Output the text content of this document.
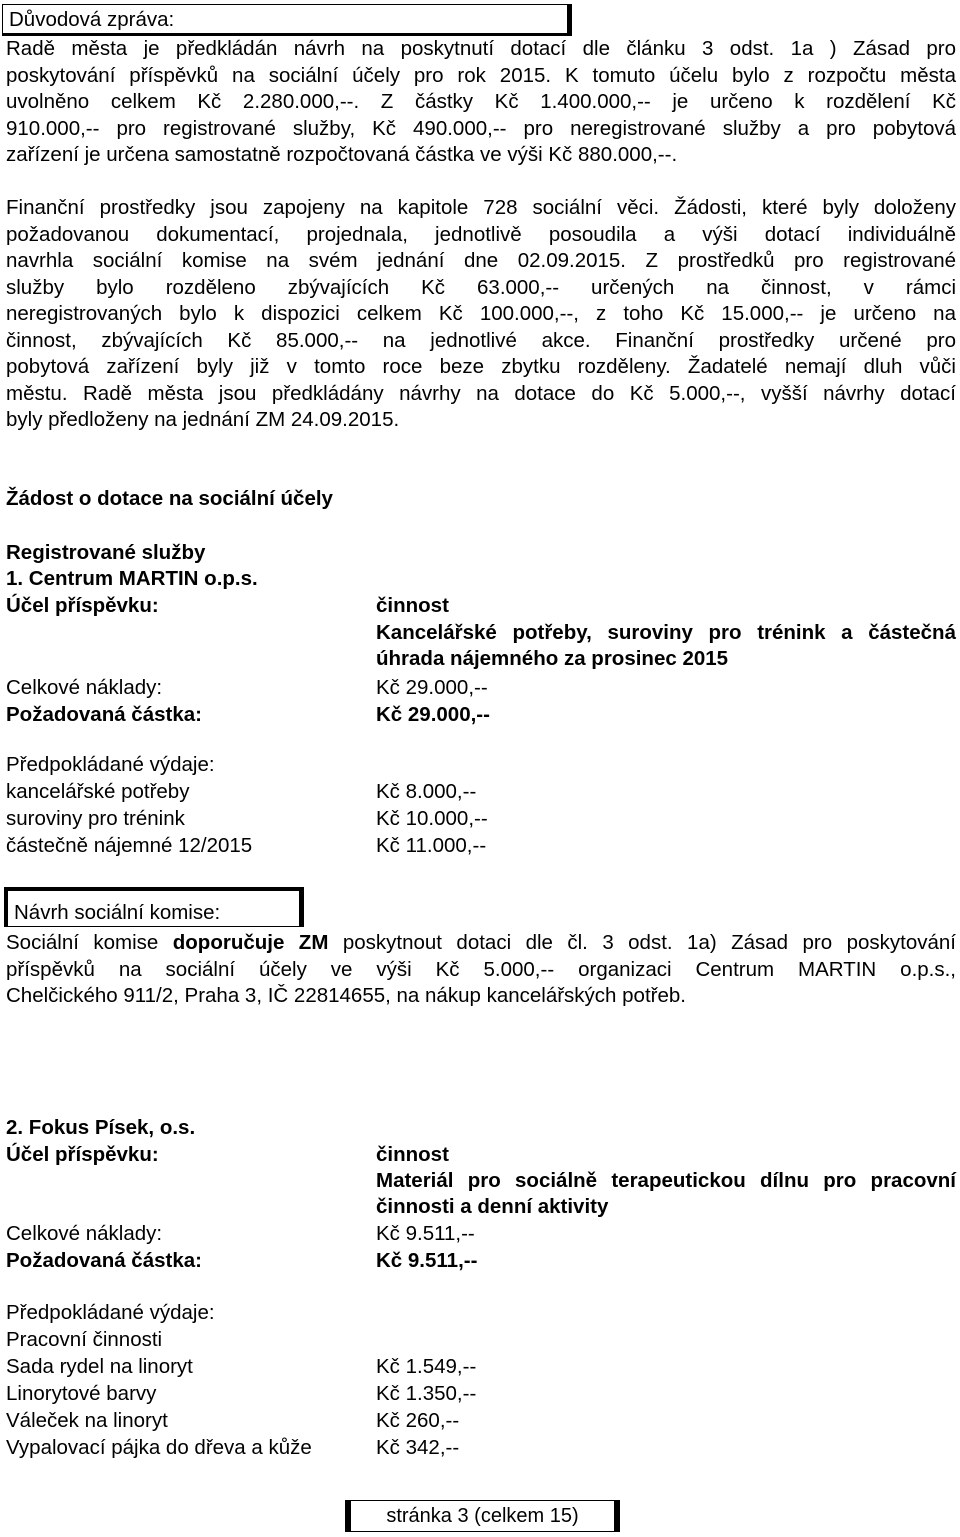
Důvodová zpráva:

Radě města je předkládán návrh na poskytnutí dotací dle článku 3 odst. 1a ) Zásad pro

poskytování příspěvků na sociální účely pro rok 2015. K tomuto účelu bylo z rozpočtu města

uvolněno celkem Kč 2.280.000,--. Z částky Kč 1.400.000,-- je určeno k rozdělení Kč

910.000,-- pro registrované služby, Kč 490.000,-- pro neregistrované služby a pro pobytová

zařízení je určena samostatně rozpočtovaná částka ve výši Kč 880.000,--.

Finanční prostředky jsou zapojeny na kapitole 728 sociální věci. Žádosti, které byly doloženy

požadovanou dokumentací, projednala, jednotlivě posoudila a výši dotací individuálně

navrhla sociální komise na svém jednání dne 02.09.2015. Z prostředků pro registrované

služby bylo rozděleno zbývajících Kč 63.000,-- určených na činnost, v rámci

neregistrovaných bylo k dispozici celkem Kč 100.000,--, z toho Kč 15.000,-- je určeno na

činnost, zbývajících Kč 85.000,-- na jednotlivé akce. Finanční prostředky určené pro

pobytová zařízení byly již v tomto roce beze zbytku rozděleny. Žadatelé nemají dluh vůči

městu. Radě města jsou předkládány návrhy na dotace do Kč 5.000,--, vyšší návrhy dotací

byly předloženy na jednání ZM 24.09.2015.

Žádost o dotace na sociální účely
Registrované služby
1. Centrum MARTIN o.p.s.
Účel příspěvku:	činnost
Kancelářské potřeby, suroviny pro trénink a částečná úhrada nájemného za prosinec 2015
Celkové náklady:	Kč 29.000,--
Požadovaná částka:	Kč 29.000,--
Předpokládané výdaje:
kancelářské potřeby	Kč 8.000,--
suroviny pro trénink	Kč 10.000,--
částečně nájemné 12/2015	Kč 11.000,--
Návrh sociální komise:

Sociální komise doporučuje ZM poskytnout dotaci dle čl. 3 odst. 1a) Zásad pro poskytování

příspěvků na sociální účely ve výši Kč 5.000,-- organizaci Centrum MARTIN o.p.s.,

Chelčického 911/2, Praha 3, IČ 22814655, na nákup kancelářských potřeb.

2. Fokus Písek, o.s.
Účel příspěvku:	činnost
Materiál pro sociálně terapeutickou dílnu pro pracovní činnosti a denní aktivity
Celkové náklady:	Kč 9.511,--
Požadovaná částka:	Kč 9.511,--
Předpokládané výdaje:
Pracovní činnosti
Sada rydel na linoryt	Kč 1.549,--
Linorytové barvy	Kč 1.350,--
Váleček na linoryt	Kč 260,--
Vypalovací pájka do dřeva a kůže	Kč 342,--
stránka 3 (celkem 15)
